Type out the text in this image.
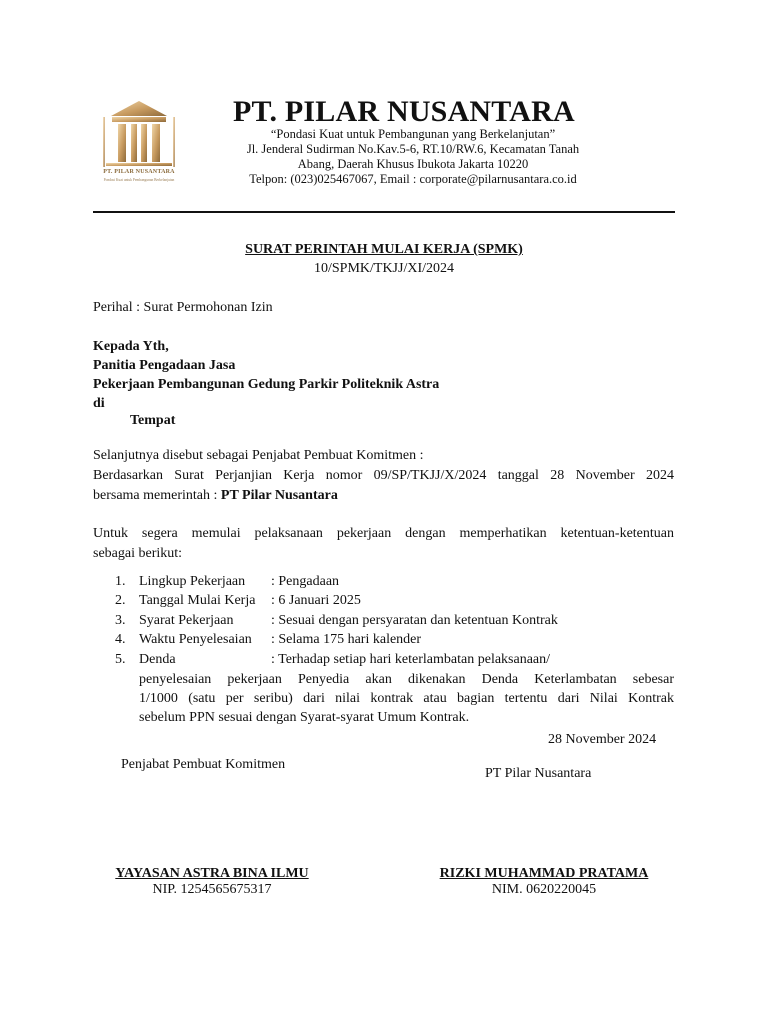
PT. PILAR NUSANTARA
Pondasi Kuat untuk Pembangunan Berkelanjutan
PT. PILAR NUSANTARA
“Pondasi Kuat untuk Pembangunan yang Berkelanjutan”
Jl. Jenderal Sudirman No.Kav.5-6, RT.10/RW.6, Kecamatan Tanah
Abang, Daerah Khusus Ibukota Jakarta 10220
Telpon: (023)025467067, Email : corporate@pilarnusantara.co.id
SURAT PERINTAH MULAI KERJA (SPMK)
10/SPMK/TKJJ/XI/2024
Perihal : Surat Permohonan Izin
Kepada Yth,
Panitia Pengadaan Jasa
Pekerjaan Pembangunan Gedung Parkir Politeknik Astra
di
Tempat
Selanjutnya disebut sebagai Penjabat Pembuat Komitmen :
Berdasarkan Surat Perjanjian Kerja nomor 09/SP/TKJJ/X/2024 tanggal 28 November 2024
bersama memerintah : PT Pilar Nusantara
Untuk segera memulai pelaksanaan pekerjaan dengan memperhatikan ketentuan-ketentuan
sebagai berikut:
1. Lingkup Pekerjaan : Pengadaan
2. Tanggal Mulai Kerja : 6 Januari 2025
3. Syarat Pekerjaan	: Sesuai dengan persyaratan dan ketentuan Kontrak
4. Waktu Penyelesaian : Selama 175 hari kalender
5. Denda	: Terhadap setiap hari keterlambatan pelaksanaan/
penyelesaian pekerjaan Penyedia akan dikenakan Denda Keterlambatan sebesar
1/1000 (satu per seribu) dari nilai kontrak atau bagian tertentu dari Nilai Kontrak
sebelum PPN sesuai dengan Syarat-syarat Umum Kontrak.
28 November 2024
Penjabat Pembuat Komitmen
PT Pilar Nusantara
YAYASAN ASTRA BINA ILMU
NIP. 1254565675317
RIZKI MUHAMMAD PRATAMA
NIM. 0620220045
